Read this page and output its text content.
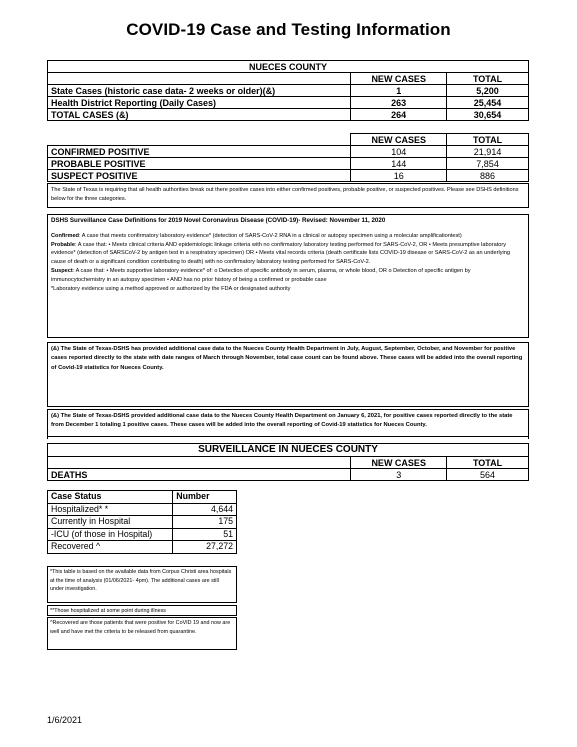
COVID-19 Case and Testing Information
NUECES COUNTY		
	NEW CASES	TOTAL
State Cases (historic case data- 2 weeks or older)(&)	1	5,200
Health District Reporting (Daily Cases)	263	25,454
TOTAL CASES (&)	264	30,654
	NEW CASES	TOTAL
CONFIRMED POSITIVE	104	21,914
PROBABLE POSITIVE	144	7,854
SUSPECT POSITIVE	16	886
The State of Texas is requiring that all health authorities break out there positive cases into either confirmed positives, probable positive, or suspected positives. Please see DSHS definitions below for the three categories.

DSHS Surveillance Case Definitions for 2019 Novel Coronavirus Disease (COVID-19)- Revised: November 11, 2020

Confirmed: A case that meets confirmatory laboratory evidence* (detection of SARS-CoV-2 RNA in a clinical or autopsy specimen using a molecular amplificationtest)

Probable: A case that: • Meets clinical criteria AND epidemiologic linkage criteria with no confirmatory laboratory testing performed for SARS-CoV-2, OR • Meets presumptive laboratory evidence* (detection of SARSCoV-2 by antigen test in a respiratory specimen) OR • Meets vital records criteria (death certificate lists COVID-19 disease or SARS-CoV-2 as an underlying cause of death or a significant condition contributing to death) with no confirmatory laboratory testing performed for SARS-CoV-2.

Suspect: A case that: • Meets supportive laboratory evidence* of: o Detection of specific antibody in serum, plasma, or whole blood, OR o Detection of specific antigen by immunocytochemistry in an autopsy specimen • AND has no prior history of being a confirmed or probable case

*Laboratory evidence using a method approved or authorized by the FDA or designated authority

(&) The State of Texas-DSHS has provided additional case data to the Nueces County Health Department in July, August, September, October, and November for positive cases reported directly to the state with date ranges of March through November, total case count can be found above. These cases will be added into the overall reporting of Covid-19 statistics for Nueces County.
(&) The State of Texas-DSHS provided additional case data to the Nueces County Health Department on January 6, 2021, for positive cases reported directly to the state from December 1 totaling 1 positive cases. These cases will be added into the overall reporting of Covid-19 statistics for Nueces County.
SURVEILLANCE IN NUECES COUNTY		
	NEW CASES	TOTAL
DEATHS	3	564
Case Status	Number
Hospitalized* *	4,644
Currently in Hospital	175
-ICU (of those in Hospital)	51
Recovered ^	27,272
*This table is based on the available data from Corpus Christi area hospitals at the time of analysis (01/06/2021- 4pm). The additional cases are still under investigation.
**Those hospitalized at some point during illness
^Recovered are those patients that were positive for CoVID 19 and now are well and have met the criteria to be released from quarantine.
1/6/2021
